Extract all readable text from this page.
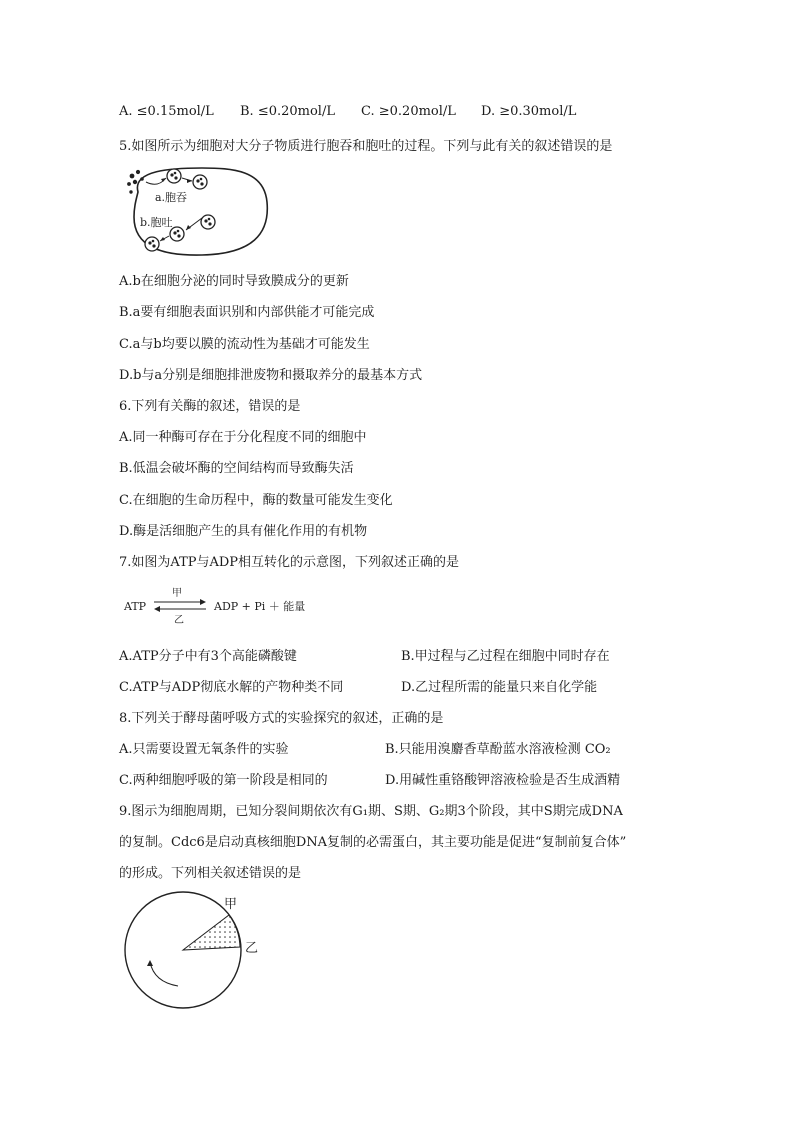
A. ≤0.15mol/L B. ≤0.20mol/L C. ≥0.20mol/L D. ≥0.30mol/L
5.如图所示为细胞对大分子物质进行胞吞和胞吐的过程。下列与此有关的叙述错误的是
a.胞吞
b.胞吐
A.b在细胞分泌的同时导致膜成分的更新
B.a要有细胞表面识别和内部供能才可能完成
C.a与b均要以膜的流动性为基础才可能发生
D.b与a分别是细胞排泄废物和摄取养分的最基本方式
6.下列有关酶的叙述，错误的是
A.同一种酶可存在于分化程度不同的细胞中
B.低温会破坏酶的空间结构而导致酶失活
C.在细胞的生命历程中，酶的数量可能发生变化
D.酶是活细胞产生的具有催化作用的有机物
7.如图为ATP与ADP相互转化的示意图，下列叙述正确的是
ATP
甲
乙
ADP + Pi ＋ 能量
A.ATP分子中有3个高能磷酸键	B.甲过程与乙过程在细胞中同时存在
C.ATP与ADP彻底水解的产物种类不同	D.乙过程所需的能量只来自化学能
8.下列关于酵母菌呼吸方式的实验探究的叙述，正确的是
A.只需要设置无氧条件的实验	B.只能用溴麝香草酚蓝水溶液检测 CO₂
C.两种细胞呼吸的第一阶段是相同的	D.用碱性重铬酸钾溶液检验是否生成酒精
9.图示为细胞周期，已知分裂间期依次有G₁期、S期、G₂期3个阶段，其中S期完成DNA
的复制。Cdc6是启动真核细胞DNA复制的必需蛋白，其主要功能是促进“复制前复合体”
的形成。下列相关叙述错误的是
甲
乙
